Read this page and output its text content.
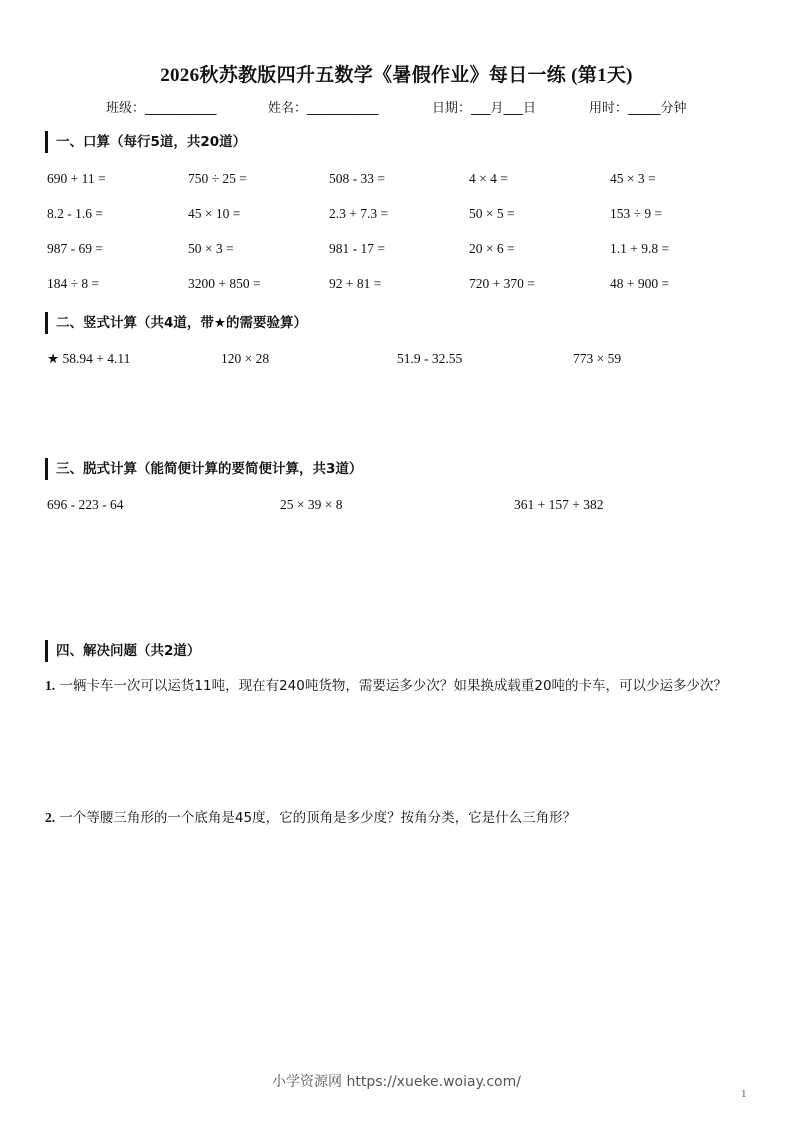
2026秋苏教版四升五数学《暑假作业》每日一练 (第1天)
班级：___________	姓名：___________	日期：___月___日	用时：_____分钟
一、口算（每行5道，共20道）
690 + 11 =	750 ÷ 25 =	508 - 33 =	4 × 4 =	45 × 3 =
8.2 - 1.6 =	45 × 10 =	2.3 + 7.3 =	50 × 5 =	153 ÷ 9 =
987 - 69 =	50 × 3 =	981 - 17 =	20 × 6 =	1.1 + 9.8 =
184 ÷ 8 =	3200 + 850 =	92 + 81 =	720 + 370 =	48 + 900 =
二、竖式计算（共4道，带★的需要验算）
★ 58.94 + 4.11	120 × 28	51.9 - 32.55	773 × 59
三、脱式计算（能简便计算的要简便计算，共3道）
696 - 223 - 64	25 × 39 × 8	361 + 157 + 382
四、解决问题（共2道）
1. 一辆卡车一次可以运货11吨，现在有240吨货物，需要运多少次？如果换成载重20吨的卡车，可以少运多少次？
2. 一个等腰三角形的一个底角是45度，它的顶角是多少度？按角分类，它是什么三角形？
小学资源网 https://xueke.woiay.com/
1
